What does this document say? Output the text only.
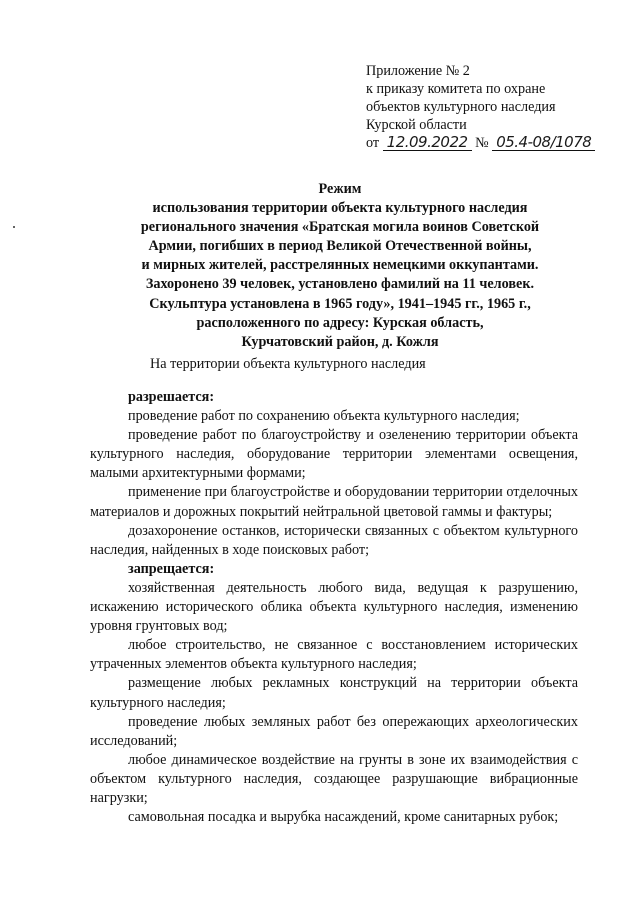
Приложение № 2
к приказу комитета по охране
объектов культурного наследия
Курской области
от 12.09.2022 № 05.4-08/1078
Режим
использования территории объекта культурного наследия
регионального значения «Братская могила воинов Советской
Армии, погибших в период Великой Отечественной войны,
и мирных жителей, расстрелянных немецкими оккупантами.
Захоронено 39 человек, установлено фамилий на 11 человек.
Скульптура установлена в 1965 году», 1941–1945 гг., 1965 г.,
расположенного по адресу: Курская область,
Курчатовский район, д. Кожля
На территории объекта культурного наследия
разрешается:

проведение работ по сохранению объекта культурного наследия;

проведение работ по благоустройству и озеленению территории объекта культурного наследия, оборудование территории элементами освещения, малыми архитектурными формами;

применение при благоустройстве и оборудовании территории отделочных материалов и дорожных покрытий нейтральной цветовой гаммы и фактуры;

дозахоронение останков, исторически связанных с объектом культурного наследия, найденных в ходе поисковых работ;

запрещается:

хозяйственная деятельность любого вида, ведущая к разрушению, искажению исторического облика объекта культурного наследия, изменению уровня грунтовых вод;

любое строительство, не связанное с восстановлением исторических утраченных элементов объекта культурного наследия;

размещение любых рекламных конструкций на территории объекта культурного наследия;

проведение любых земляных работ без опережающих археологических исследований;

любое динамическое воздействие на грунты в зоне их взаимодействия с объектом культурного наследия, создающее разрушающие вибрационные нагрузки;

самовольная посадка и вырубка насаждений, кроме санитарных рубок;
